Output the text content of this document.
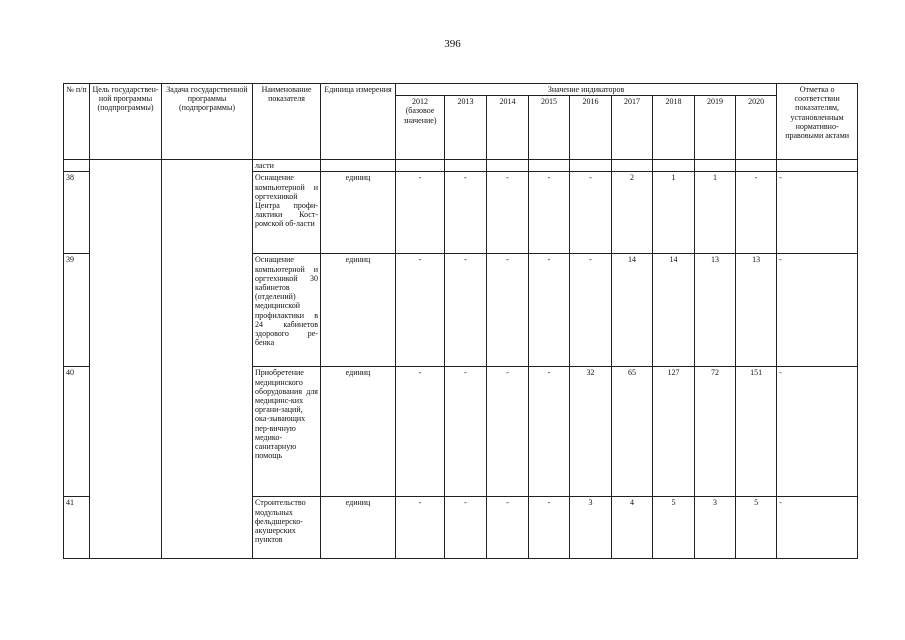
396
№ п/п	Цель государствен-ной программы (подпрограммы)	Задача государственной программы (подпрограммы)	Наименование показателя	Единица измерения	Значение индикаторов									Отметка о соответствии показателям, установленным нормативно-правовыми актами
					2012 (базовое значение)	2013	2014	2015	2016	2017	2018	2019	2020	
			ласти											
38			Оснащение компьютерной и оргтехникой Центра профи-лактики Кост-ромской об-ласти	единиц	-	-	-	-	-	2	1	1	-	-
39			Оснащение компьютерной и оргтехникой 30 кабинетов (отделений) медицинской профилактики в 24 кабинетов здорового ре-бенка	единиц	-	-	-	-	-	14	14	13	13	-
40			Приобретение медицинского оборудования для медицинс-ких органи-заций, ока-зывающих пер-вичную медико-санитарную помощь	единиц	-	-	-	-	32	65	127	72	151	-
41			Строительство модульных фельдшерско-акушерских пунктов	единиц	-	-	-	-	3	4	5	3	5	-
